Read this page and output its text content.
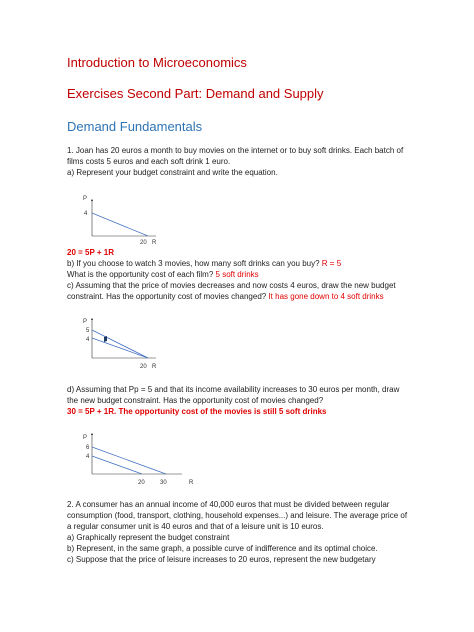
Introduction to Microeconomics
Exercises Second Part: Demand and Supply
Demand Fundamentals
1. Joan has 20 euros a month to buy movies on the internet or to buy soft drinks. Each batch of
films costs 5 euros and each soft drink 1 euro.
a) Represent your budget constraint and write the equation.
P
4
20 R
20 = 5P + 1R
b) If you choose to watch 3 movies, how many soft drinks can you buy? R = 5
What is the opportunity cost of each film? 5 soft drinks
c) Assuming that the price of movies decreases and now costs 4 euros, draw the new budget
constraint. Has the opportunity cost of movies changed? It has gone down to 4 soft drinks
P
5
4
20 R
d) Assuming that Pp = 5 and that its income availability increases to 30 euros per month, draw
the new budget constraint. Has the opportunity cost of movies changed?
30 = 5P + 1R. The opportunity cost of the movies is still 5 soft drinks
P
6
4
20	30	R
2. A consumer has an annual income of 40,000 euros that must be divided between regular
consumption (food, transport, clothing, household expenses...) and leisure. The average price of
a regular consumer unit is 40 euros and that of a leisure unit is 10 euros.
a) Graphically represent the budget constraint
b) Represent, in the same graph, a possible curve of indifference and its optimal choice.
c) Suppose that the price of leisure increases to 20 euros, represent the new budgetary
